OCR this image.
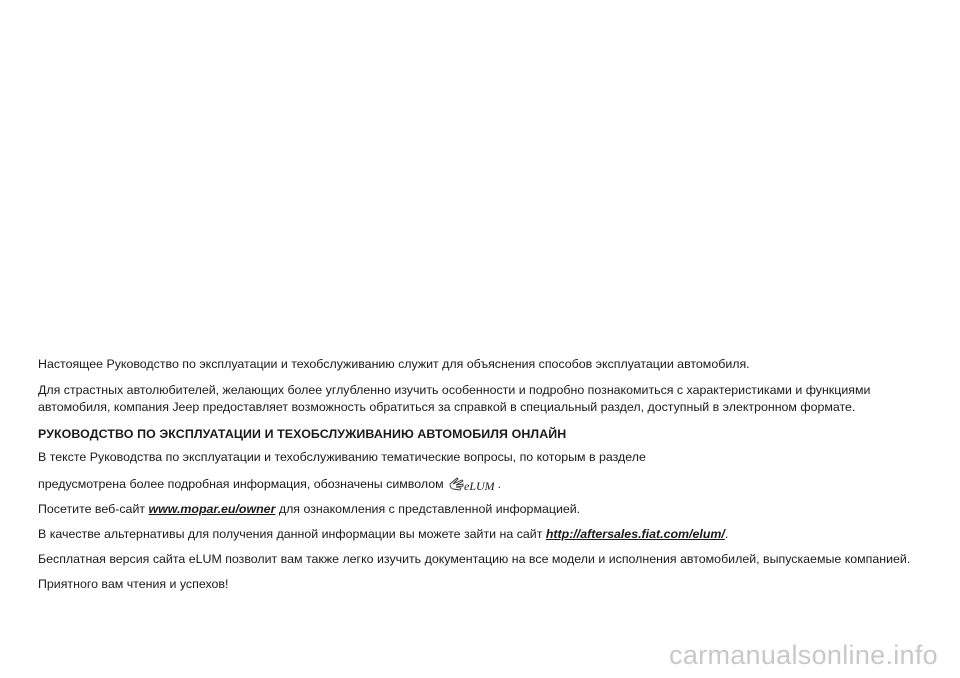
Настоящее Руководство по эксплуатации и техобслуживанию служит для объяснения способов эксплуатации автомобиля.

Для страстных автолюбителей, желающих более углубленно изучить особенности и подробно познакомиться с характеристиками и функциями

автомобиля, компания Jeep предоставляет возможность обратиться за справкой в специальный раздел, доступный в электронном формате.

РУКОВОДСТВО ПО ЭКСПЛУАТАЦИИ И ТЕХОБСЛУЖИВАНИЮ АВТОМОБИЛЯ ОНЛАЙН

В тексте Руководства по эксплуатации и техобслуживанию тематические вопросы, по которым в разделе

предусмотрена более подробная информация, обозначены символом eLUM .

Посетите веб-сайт www.mopar.eu/owner для ознакомления с представленной информацией.

В качестве альтернативы для получения данной информации вы можете зайти на сайт http://aftersales.fiat.com/elum/.

Бесплатная версия сайта eLUM позволит вам также легко изучить документацию на все модели и исполнения автомобилей, выпускаемые компанией.

Приятного вам чтения и успехов!

carmanualsonline.info
